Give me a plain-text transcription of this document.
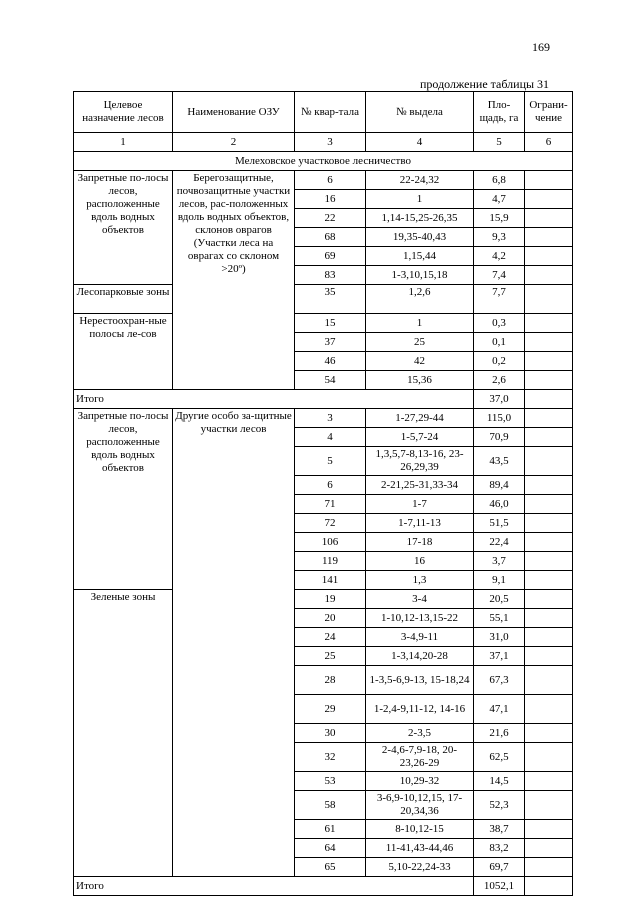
169
продолжение таблицы 31
Целевое назначение лесов	Наименование ОЗУ	№ квар-тала	№ выдела	Пло-щадь, га	Ограни-чение
1	2	3	4	5	6
Мелеховское участковое лесничество					
Запретные по-лосы лесов, расположенные вдоль водных объектов	Берегозащитные, почвозащитные участки лесов, рас-положенных вдоль водных объектов, склонов оврагов (Участки леса на оврагах со склоном >20º)	6	22-24,32	6,8	
		16	1	4,7	
		22	1,14-15,25-26,35	15,9	
		68	19,35-40,43	9,3	
		69	1,15,44	4,2	
		83	1-3,10,15,18	7,4	
Лесопарковые зоны		35	1,2,6	7,7	
Нерестоохран-ные полосы ле-сов		15	1	0,3	
		37	25	0,1	
		46	42	0,2	
		54	15,36	2,6	
Итого				37,0	
Запретные по-лосы лесов, расположенные вдоль водных объектов	Другие особо за-щитные участки лесов	3	1-27,29-44	115,0	
		4	1-5,7-24	70,9	
		5	1,3,5,7-8,13-16, 23-26,29,39	43,5	
		6	2-21,25-31,33-34	89,4	
		71	1-7	46,0	
		72	1-7,11-13	51,5	
		106	17-18	22,4	
		119	16	3,7	
		141	1,3	9,1	
Зеленые зоны		19	3-4	20,5	
		20	1-10,12-13,15-22	55,1	
		24	3-4,9-11	31,0	
		25	1-3,14,20-28	37,1	
		28	1-3,5-6,9-13, 15-18,24	67,3	
		29	1-2,4-9,11-12, 14-16	47,1	
		30	2-3,5	21,6	
		32	2-4,6-7,9-18, 20-23,26-29	62,5	
		53	10,29-32	14,5	
		58	3-6,9-10,12,15, 17-20,34,36	52,3	
		61	8-10,12-15	38,7	
		64	11-41,43-44,46	83,2	
		65	5,10-22,24-33	69,7	
Итого				1052,1	
